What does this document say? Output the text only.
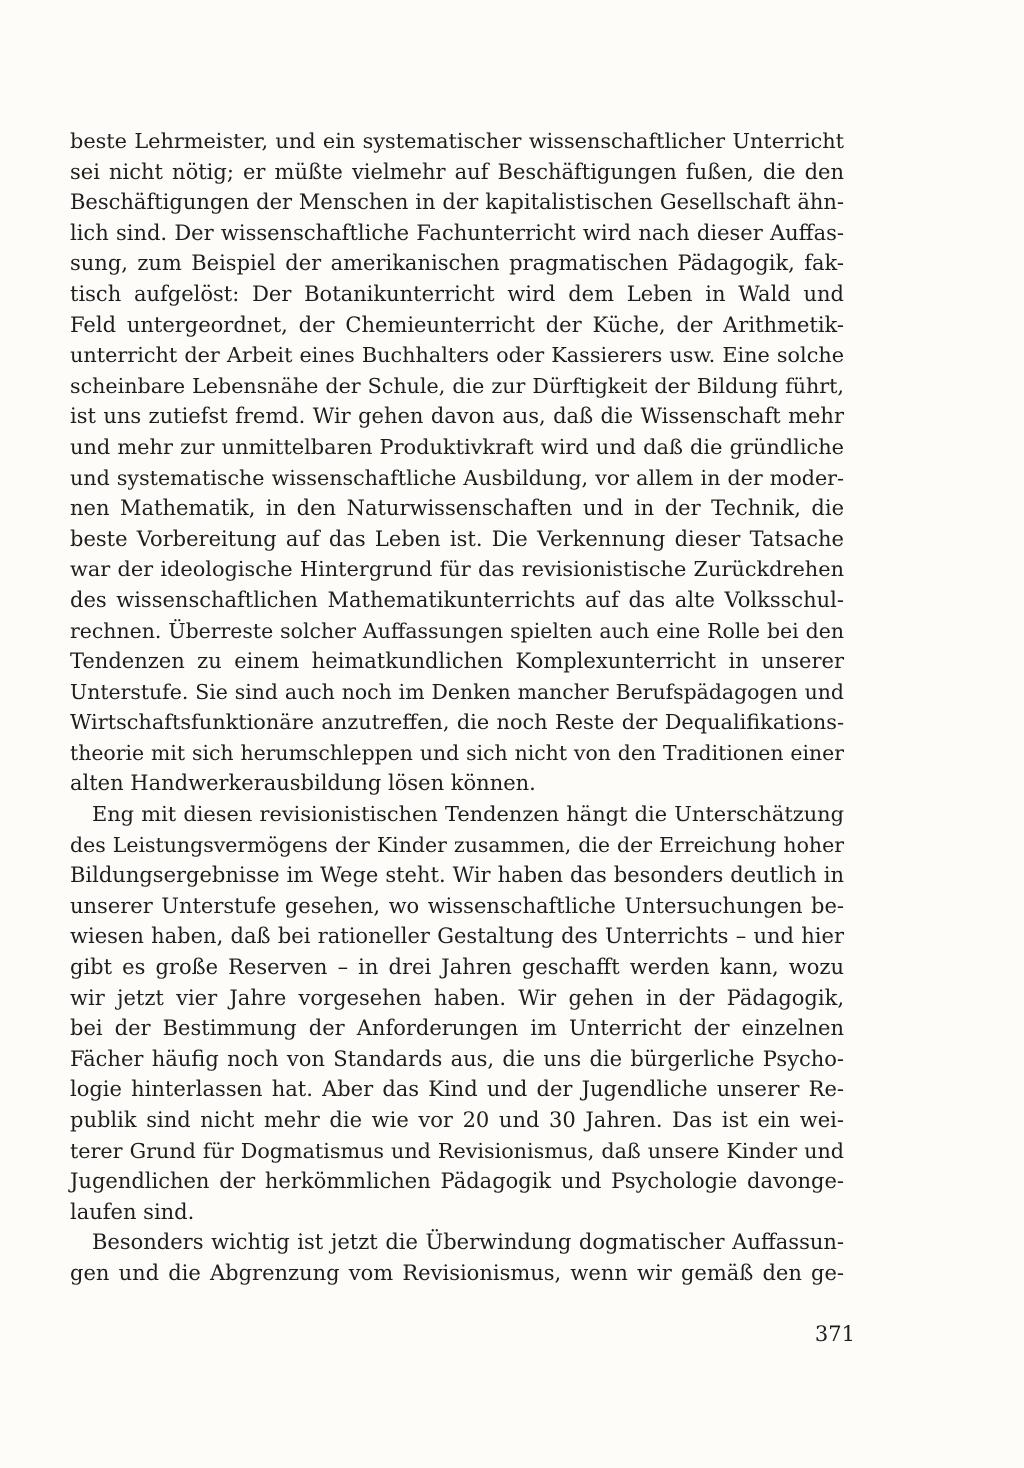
beste Lehrmeister, und ein systematischer wissenschaftlicher Unterricht
sei nicht nötig; er müßte vielmehr auf Beschäftigungen fußen, die den
Beschäftigungen der Menschen in der kapitalistischen Gesellschaft ähn-
lich sind. Der wissenschaftliche Fachunterricht wird nach dieser Auffas-
sung, zum Beispiel der amerikanischen pragmatischen Pädagogik, fak-
tisch aufgelöst: Der Botanikunterricht wird dem Leben in Wald und
Feld untergeordnet, der Chemieunterricht der Küche, der Arithmetik-
unterricht der Arbeit eines Buchhalters oder Kassierers usw. Eine solche
scheinbare Lebensnähe der Schule, die zur Dürftigkeit der Bildung führt,
ist uns zutiefst fremd. Wir gehen davon aus, daß die Wissenschaft mehr
und mehr zur unmittelbaren Produktivkraft wird und daß die gründliche
und systematische wissenschaftliche Ausbildung, vor allem in der moder-
nen Mathematik, in den Naturwissenschaften und in der Technik, die
beste Vorbereitung auf das Leben ist. Die Verkennung dieser Tatsache
war der ideologische Hintergrund für das revisionistische Zurückdrehen
des wissenschaftlichen Mathematikunterrichts auf das alte Volksschul-
rechnen. Überreste solcher Auffassungen spielten auch eine Rolle bei den
Tendenzen zu einem heimatkundlichen Komplexunterricht in unserer
Unterstufe. Sie sind auch noch im Denken mancher Berufspädagogen und
Wirtschaftsfunktionäre anzutreffen, die noch Reste der Dequalifikations-
theorie mit sich herumschleppen und sich nicht von den Traditionen einer
alten Handwerkerausbildung lösen können.
Eng mit diesen revisionistischen Tendenzen hängt die Unterschätzung
des Leistungsvermögens der Kinder zusammen, die der Erreichung hoher
Bildungsergebnisse im Wege steht. Wir haben das besonders deutlich in
unserer Unterstufe gesehen, wo wissenschaftliche Untersuchungen be-
wiesen haben, daß bei rationeller Gestaltung des Unterrichts – und hier
gibt es große Reserven – in drei Jahren geschafft werden kann, wozu
wir jetzt vier Jahre vorgesehen haben. Wir gehen in der Pädagogik,
bei der Bestimmung der Anforderungen im Unterricht der einzelnen
Fächer häufig noch von Standards aus, die uns die bürgerliche Psycho-
logie hinterlassen hat. Aber das Kind und der Jugendliche unserer Re-
publik sind nicht mehr die wie vor 20 und 30 Jahren. Das ist ein wei-
terer Grund für Dogmatismus und Revisionismus, daß unsere Kinder und
Jugendlichen der herkömmlichen Pädagogik und Psychologie davonge-
laufen sind.
Besonders wichtig ist jetzt die Überwindung dogmatischer Auffassun-
gen und die Abgrenzung vom Revisionismus, wenn wir gemäß den ge-
371
